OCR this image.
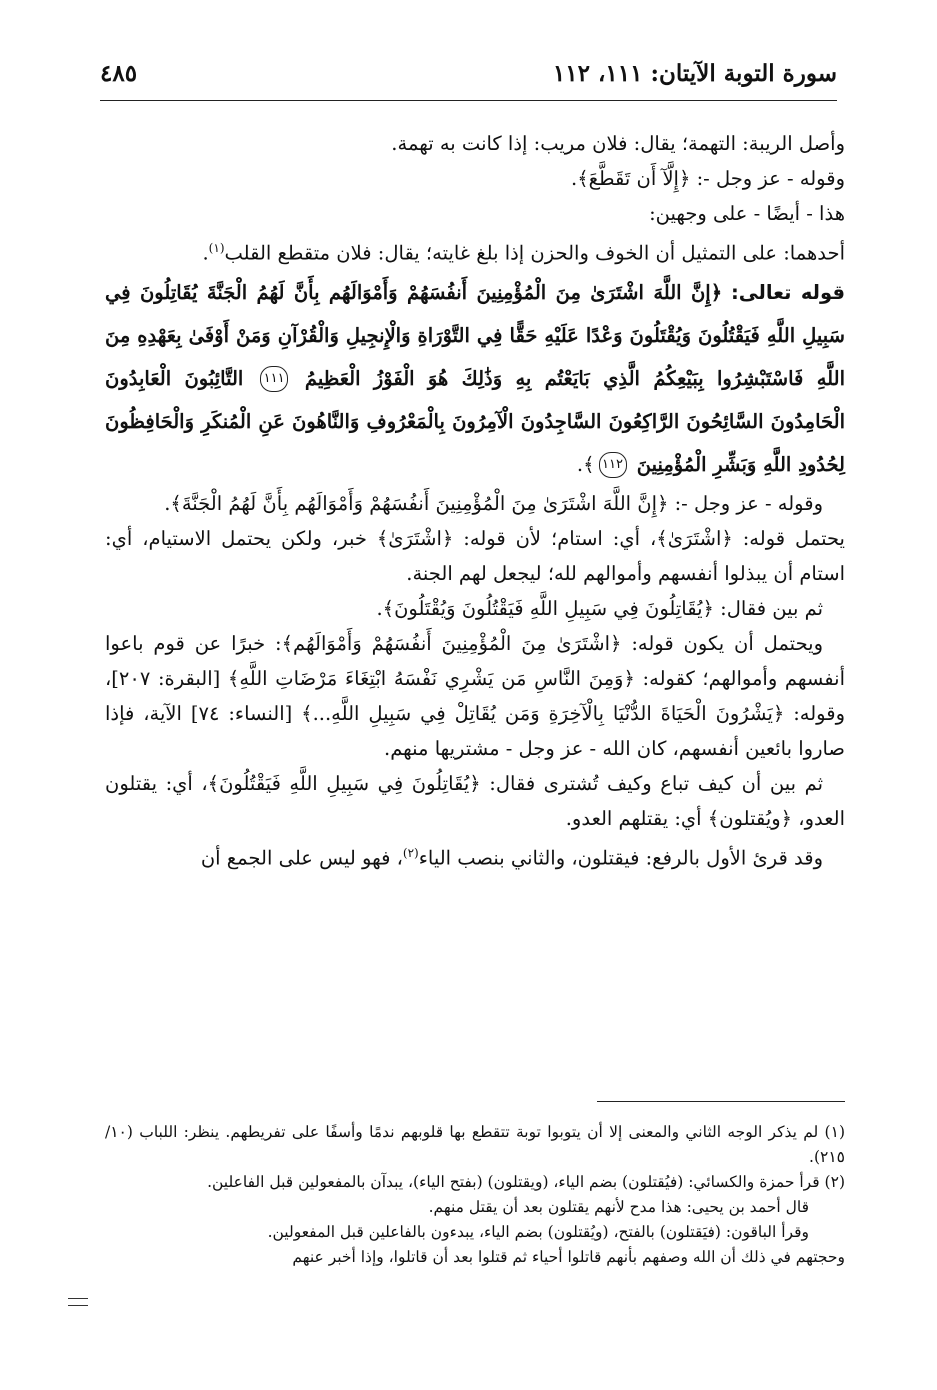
سورة التوبة الآيتان: ١١١، ١١٢
٤٨٥

وأصل الريبة: التهمة؛ يقال: فلان مريب: إذا كانت به تهمة.

وقوله - عز وجل -: ﴿إِلَّآ أَن تَقَطَّعَ﴾.

هذا - أيضًا - على وجهين:

أحدهما: على التمثيل أن الخوف والحزن إذا بلغ غايته؛ يقال: فلان متقطع القلب$^{(١)}$.

قوله تعالى: ﴿إِنَّ اللَّهَ اشْتَرَىٰ مِنَ الْمُؤْمِنِينَ أَنفُسَهُمْ وَأَمْوَالَهُم بِأَنَّ لَهُمُ الْجَنَّةَ يُقَاتِلُونَ فِي سَبِيلِ اللَّهِ فَيَقْتُلُونَ وَيُقْتَلُونَ وَعْدًا عَلَيْهِ حَقًّا فِي التَّوْرَاةِ وَالْإِنجِيلِ وَالْقُرْآنِ وَمَنْ أَوْفَىٰ بِعَهْدِهِ مِنَ اللَّهِ فَاسْتَبْشِرُوا بِبَيْعِكُمُ الَّذِي بَايَعْتُم بِهِ وَذَٰلِكَ هُوَ الْفَوْزُ الْعَظِيمُ ١١١ التَّائِبُونَ الْعَابِدُونَ الْحَامِدُونَ السَّائِحُونَ الرَّاكِعُونَ السَّاجِدُونَ الْآمِرُونَ بِالْمَعْرُوفِ وَالنَّاهُونَ عَنِ الْمُنكَرِ وَالْحَافِظُونَ لِحُدُودِ اللَّهِ وَبَشِّرِ الْمُؤْمِنِينَ ١١٢﴾.

وقوله - عز وجل -: ﴿إِنَّ اللَّهَ اشْتَرَىٰ مِنَ الْمُؤْمِنِينَ أَنفُسَهُمْ وَأَمْوَالَهُم بِأَنَّ لَهُمُ الْجَنَّةَ﴾.

يحتمل قوله: ﴿اشْتَرَىٰ﴾، أي: استام؛ لأن قوله: ﴿اشْتَرَىٰ﴾ خبر، ولكن يحتمل الاستيام، أي: استام أن يبذلوا أنفسهم وأموالهم لله؛ ليجعل لهم الجنة.

ثم بين فقال: ﴿يُقَاتِلُونَ فِي سَبِيلِ اللَّهِ فَيَقْتُلُونَ وَيُقْتَلُونَ﴾.

ويحتمل أن يكون قوله: ﴿اشْتَرَىٰ مِنَ الْمُؤْمِنِينَ أَنفُسَهُمْ وَأَمْوَالَهُم﴾: خبرًا عن قوم باعوا أنفسهم وأموالهم؛ كقوله: ﴿وَمِنَ النَّاسِ مَن يَشْرِي نَفْسَهُ ابْتِغَاءَ مَرْضَاتِ اللَّهِ﴾ [البقرة: ٢٠٧]، وقوله: ﴿يَشْرُونَ الْحَيَاةَ الدُّنْيَا بِالْآخِرَةِ وَمَن يُقَاتِلْ فِي سَبِيلِ اللَّهِ...﴾ [النساء: ٧٤] الآية، فإذا صاروا بائعين أنفسهم، كان الله - عز وجل - مشتريها منهم.

ثم بين أن كيف تباع وكيف تُشترى فقال: ﴿يُقَاتِلُونَ فِي سَبِيلِ اللَّهِ فَيَقْتُلُونَ﴾، أي: يقتلون العدو، ﴿ويُقتلون﴾ أي: يقتلهم العدو.

وقد قرئ الأول بالرفع: فيقتلون، والثاني بنصب الياء$^{(٢)}$، فهو ليس على الجمع أن

(١) لم يذكر الوجه الثاني والمعنى إلا أن يتوبوا توبة تتقطع بها قلوبهم ندمًا وأسفًا على تفريطهم. ينظر: اللباب (١٠/ ٢١٥).

(٢) قرأ حمزة والكسائي: (فيُقتلون) بضم الياء، (ويقتلون) (بفتح الياء)، يبدآن بالمفعولين قبل الفاعلين.

قال أحمد بن يحيى: هذا مدح لأنهم يقتلون بعد أن يقتل منهم.

وقرأ الباقون: (فيَقتلون) بالفتح، (ويُقتلون) بضم الياء، يبدءون بالفاعلين قبل المفعولين.

وحجتهم في ذلك أن الله وصفهم بأنهم قاتلوا أحياء ثم قتلوا بعد أن قاتلوا، وإذا أخبر عنهم
